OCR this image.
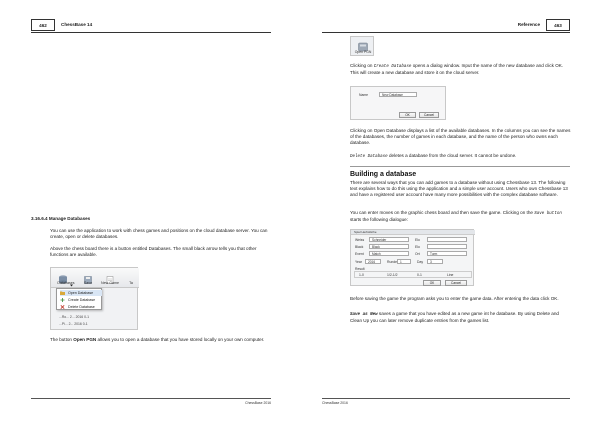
462	ChessBase 14
3.16.6.4 Manage Databases

You can use the application to work with chess games and positions on the cloud database server. You can create, open or delete databases.

Above the chess board there is a button entitled Databases. The small black arrow tells you that other functions are available.

Databases	Save	New Game	Ta
...Ro... 2... 2016 0-1
...Pi... 2... 2016 0-1
Open Database
Create Database
Delete Database

The button Open PGN allows you to open a database that you have stored locally on your own computer.

ChessBase 2016
Reference	463
Open PGN

Clicking on Create Database opens a dialog window. Input the name of the new database and click OK. This will create a new database and store it on the cloud server.

Name	New Database
OK	Cancel

Clicking on Open Database displays a list of the available databases. In the columns you can see the names of the databases, the number of games in each database, and the name of the person who owns each database.

Delete Database deletes a database from the cloud server. It cannot be undone.

Building a database

There are several ways that you can add games to a database without using Chessbase 13. The following text explains how to do this using the application and a simple user account. Users who own Chessbase 13 and have a registered user account have many more possibilities with the complex database software.

You can enter moves on the graphic chess board and then save the game. Clicking on the Save button starts the following dialogue:

Spiel Herbstliche
Weiss	Schneider	Elo
Black	Black	Elo
Event	Match	Ort	Turm
Year	2016	Runde 1	Day	3
Result
1-0	1/2-1/2	0-1	Line
OK	Cancel

Before saving the game the program asks you to enter the game data. After entering the data click OK.

Save as New saves a game that you have edited as a new game int he database. By using Delete and Clean Up you can later remove duplicate entries from the games list.

ChessBase 2016
